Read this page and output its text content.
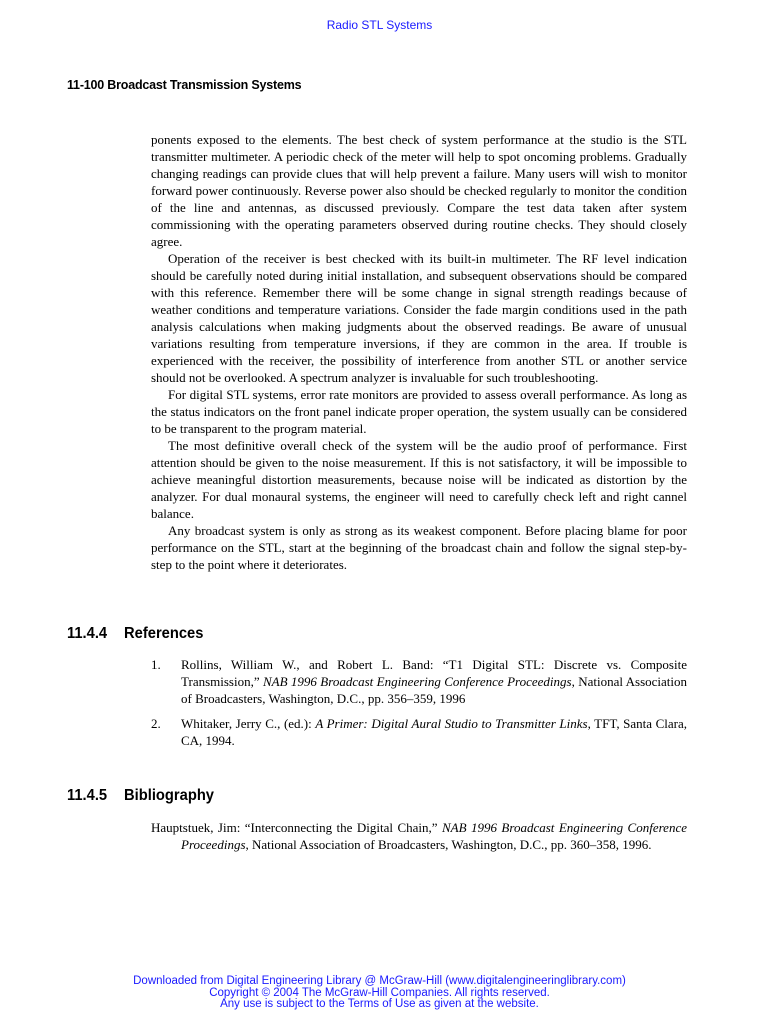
Radio STL Systems
11-100 Broadcast Transmission Systems

ponents exposed to the elements. The best check of system performance at the studio is the STL transmitter multimeter. A periodic check of the meter will help to spot oncoming problems. Gradually changing readings can provide clues that will help prevent a failure. Many users will wish to monitor forward power continuously. Reverse power also should be checked regularly to monitor the condition of the line and antennas, as discussed previously. Compare the test data taken after system commissioning with the operating parameters observed during routine checks. They should closely agree.

Operation of the receiver is best checked with its built-in multimeter. The RF level indication should be carefully noted during initial installation, and subsequent observations should be compared with this reference. Remember there will be some change in signal strength readings because of weather conditions and temperature variations. Consider the fade margin conditions used in the path analysis calculations when making judgments about the observed readings. Be aware of unusual variations resulting from temperature inversions, if they are common in the area. If trouble is experienced with the receiver, the possibility of interference from another STL or another service should not be overlooked. A spectrum analyzer is invaluable for such troubleshooting.

For digital STL systems, error rate monitors are provided to assess overall performance. As long as the status indicators on the front panel indicate proper operation, the system usually can be considered to be transparent to the program material.

The most definitive overall check of the system will be the audio proof of performance. First attention should be given to the noise measurement. If this is not satisfactory, it will be impossible to achieve meaningful distortion measurements, because noise will be indicated as distortion by the analyzer. For dual monaural systems, the engineer will need to carefully check left and right cannel balance.

Any broadcast system is only as strong as its weakest component. Before placing blame for poor performance on the STL, start at the beginning of the broadcast chain and follow the signal step-by-step to the point where it deteriorates.

11.4.4 References
1.	Rollins, William W., and Robert L. Band: “T1 Digital STL: Discrete vs. Composite Transmission,” NAB 1996 Broadcast Engineering Conference Proceedings, National Association of Broadcasters, Washington, D.C., pp. 356–359, 1996
2.	Whitaker, Jerry C., (ed.): A Primer: Digital Aural Studio to Transmitter Links, TFT, Santa Clara, CA, 1994.
11.4.5 Bibliography

Hauptstuek, Jim: “Interconnecting the Digital Chain,” NAB 1996 Broadcast Engineering Conference Proceedings, National Association of Broadcasters, Washington, D.C., pp. 360–358, 1996.

Downloaded from Digital Engineering Library @ McGraw-Hill (www.digitalengineeringlibrary.com)
Copyright © 2004 The McGraw-Hill Companies. All rights reserved.
Any use is subject to the Terms of Use as given at the website.
